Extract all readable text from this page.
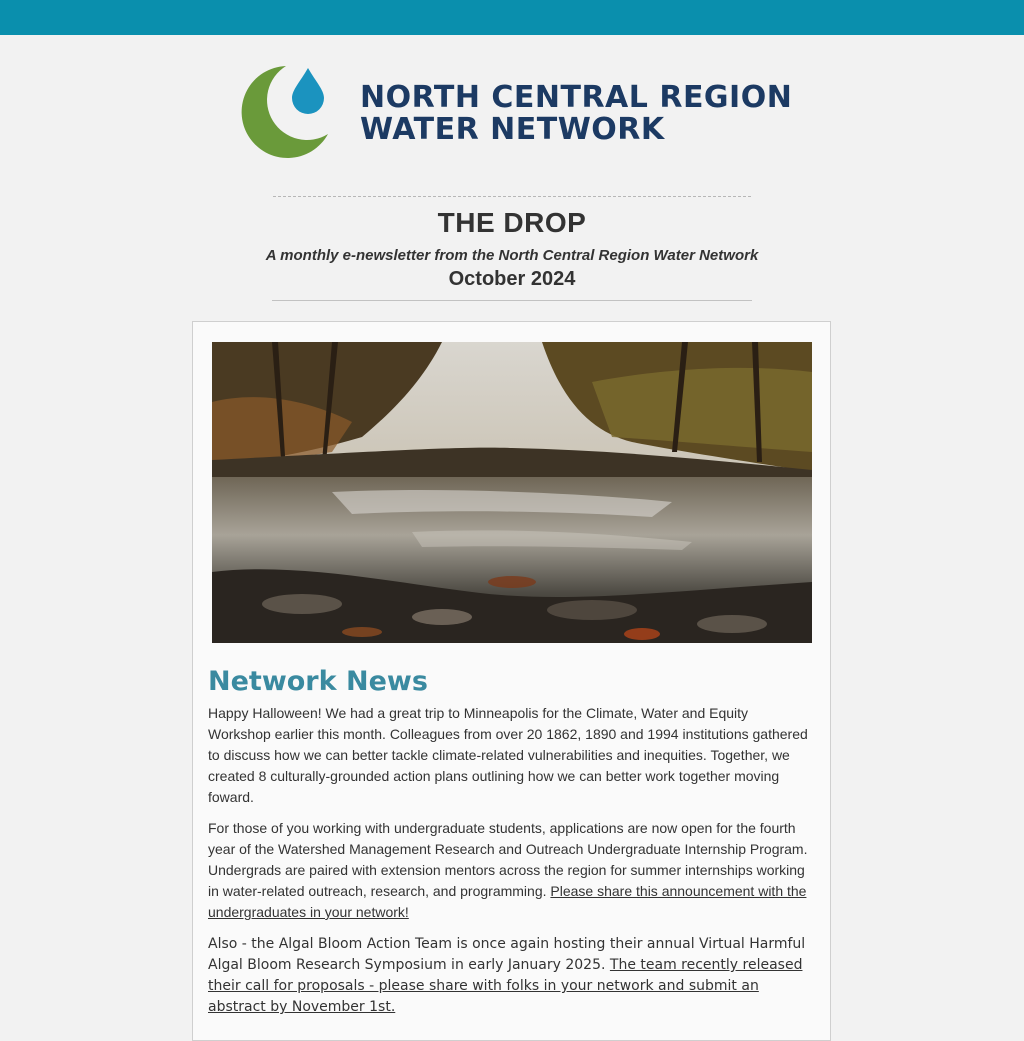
NORTH CENTRAL REGION
WATER NETWORK
THE DROP
A monthly e-newsletter from the North Central Region Water Network
October 2024
Network News

Happy Halloween! We had a great trip to Minneapolis for the Climate, Water and Equity Workshop earlier this month. Colleagues from over 20 1862, 1890 and 1994 institutions gathered to discuss how we can better tackle climate-related vulnerabilities and inequities. Together, we created 8 culturally-grounded action plans outlining how we can better work together moving foward.

For those of you working with undergraduate students, applications are now open for the fourth year of the Watershed Management Research and Outreach Undergraduate Internship Program. Undergrads are paired with extension mentors across the region for summer internships working in water-related outreach, research, and programming. Please share this announcement with the undergraduates in your network!

Also - the Algal Bloom Action Team is once again hosting their annual Virtual Harmful Algal Bloom Research Symposium in early January 2025. The team recently released their call for proposals - please share with folks in your network and submit an abstract by November 1st.
